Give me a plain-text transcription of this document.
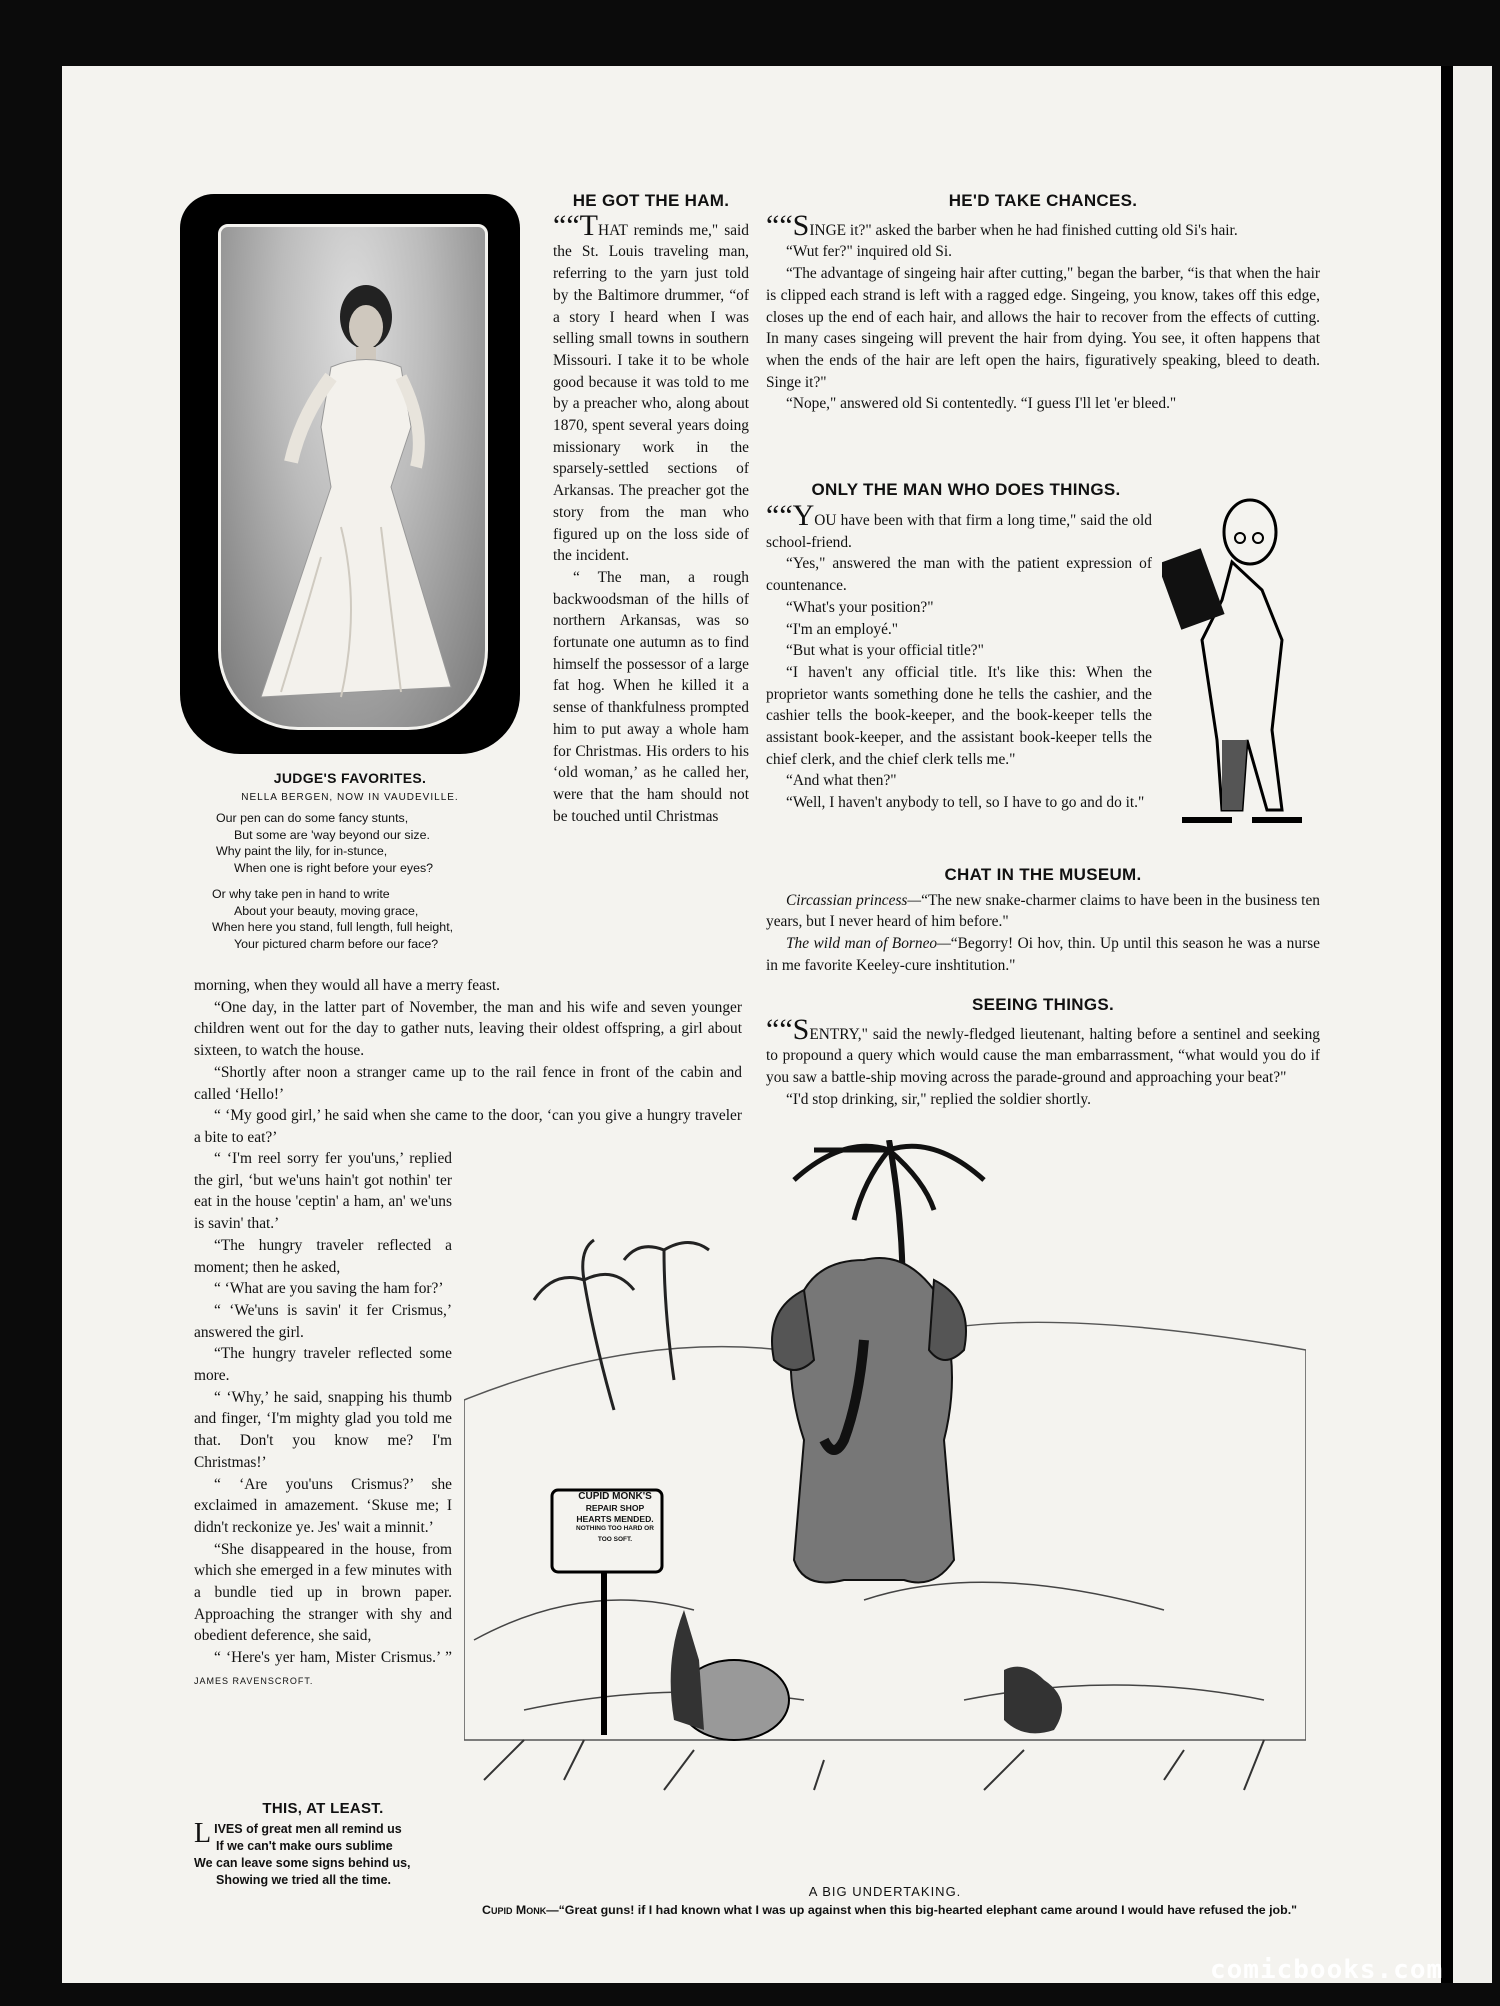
JUDGE'S FAVORITES.
NELLA BERGEN, NOW IN VAUDEVILLE.
Our pen can do some fancy stunts,
But some are 'way beyond our size.
Why paint the lily, for in-stunce,
When one is right before your eyes?
Or why take pen in hand to write
About your beauty, moving grace,
When here you stand, full length, full height,
Your pictured charm before our face?
HE GOT THE HAM.

““THAT reminds me," said the St. Louis traveling man, referring to the yarn just told by the Baltimore drummer, “of a story I heard when I was selling small towns in southern Missouri. I take it to be whole good because it was told to me by a preacher who, along about 1870, spent several years doing missionary work in the sparsely-settled sections of Arkansas. The preacher got the story from the man who figured up on the loss side of the incident.

“ The man, a rough backwoodsman of the hills of northern Arkansas, was so fortunate one autumn as to find himself the possessor of a large fat hog. When he killed it a sense of thankfulness prompted him to put away a whole ham for Christmas. His orders to his ‘old woman,’ as he called her, were that the ham should not be touched until Christmas

morning, when they would all have a merry feast.

“One day, in the latter part of November, the man and his wife and seven younger children went out for the day to gather nuts, leaving their oldest offspring, a girl about sixteen, to watch the house.

“Shortly after noon a stranger came up to the rail fence in front of the cabin and called ‘Hello!’

“ ‘My good girl,’ he said when she came to the door, ‘can you give a hungry traveler a bite to eat?’

“ ‘I'm reel sorry fer you'uns,’ replied the girl, ‘but we'uns hain't got nothin' ter eat in the house 'ceptin' a ham, an' we'uns is savin' that.’

“The hungry traveler reflected a moment; then he asked,

“ ‘What are you saving the ham for?’

“ ‘We'uns is savin' it fer Crismus,’ answered the girl.

“The hungry traveler reflected some more.

“ ‘Why,’ he said, snapping his thumb and finger, ‘I'm mighty glad you told me that. Don't you know me? I'm Christmas!’

“ ‘Are you'uns Crismus?’ she exclaimed in amazement. ‘Skuse me; I didn't reckonize ye. Jes' wait a minnit.’

“She disappeared in the house, from which she emerged in a few minutes with a bundle tied up in brown paper. Approaching the stranger with shy and obedient deference, she said,

“ ‘Here's yer ham, Mister Crismus.’ ” JAMES RAVENSCROFT.

THIS, AT LEAST.
LIVES of great men all remind us
If we can't make ours sublime
We can leave some signs behind us,
Showing we tried all the time.
HE'D TAKE CHANCES.

““SINGE it?" asked the barber when he had finished cutting old Si's hair.

“Wut fer?" inquired old Si.

“The advantage of singeing hair after cutting," began the barber, “is that when the hair is clipped each strand is left with a ragged edge. Singeing, you know, takes off this edge, closes up the end of each hair, and allows the hair to recover from the effects of cutting. In many cases singeing will prevent the hair from dying. You see, it often happens that when the ends of the hair are left open the hairs, figuratively speaking, bleed to death. Singe it?"

“Nope," answered old Si contentedly. “I guess I'll let 'er bleed."

ONLY THE MAN WHO DOES THINGS.

““YOU have been with that firm a long time," said the old school-friend.

“Yes," answered the man with the patient expression of countenance.

“What's your position?"

“I'm an employé."

“But what is your official title?"

“I haven't any official title. It's like this: When the proprietor wants something done he tells the cashier, and the cashier tells the book-keeper, and the book-keeper tells the assistant book-keeper, and the assistant book-keeper tells the chief clerk, and the chief clerk tells me."

“And what then?"

“Well, I haven't anybody to tell, so I have to go and do it."

CHAT IN THE MUSEUM.

Circassian princess—“The new snake-charmer claims to have been in the business ten years, but I never heard of him before."

The wild man of Borneo—“Begorry! Oi hov, thin. Up until this season he was a nurse in me favorite Keeley-cure inshtitution."

SEEING THINGS.

““SENTRY," said the newly-fledged lieutenant, halting before a sentinel and seeking to propound a query which would cause the man embarrassment, “what would you do if you saw a battle-ship moving across the parade-ground and approaching your beat?"

“I'd stop drinking, sir," replied the soldier shortly.

CUPID MONK'S
REPAIR SHOP
HEARTS MENDED.
NOTHING TOO HARD OR
TOO SOFT.
A BIG UNDERTAKING.
Cupid Monk—“Great guns! if I had known what I was up against when this big-hearted elephant came around I would have refused the job."
comicbooks.com
